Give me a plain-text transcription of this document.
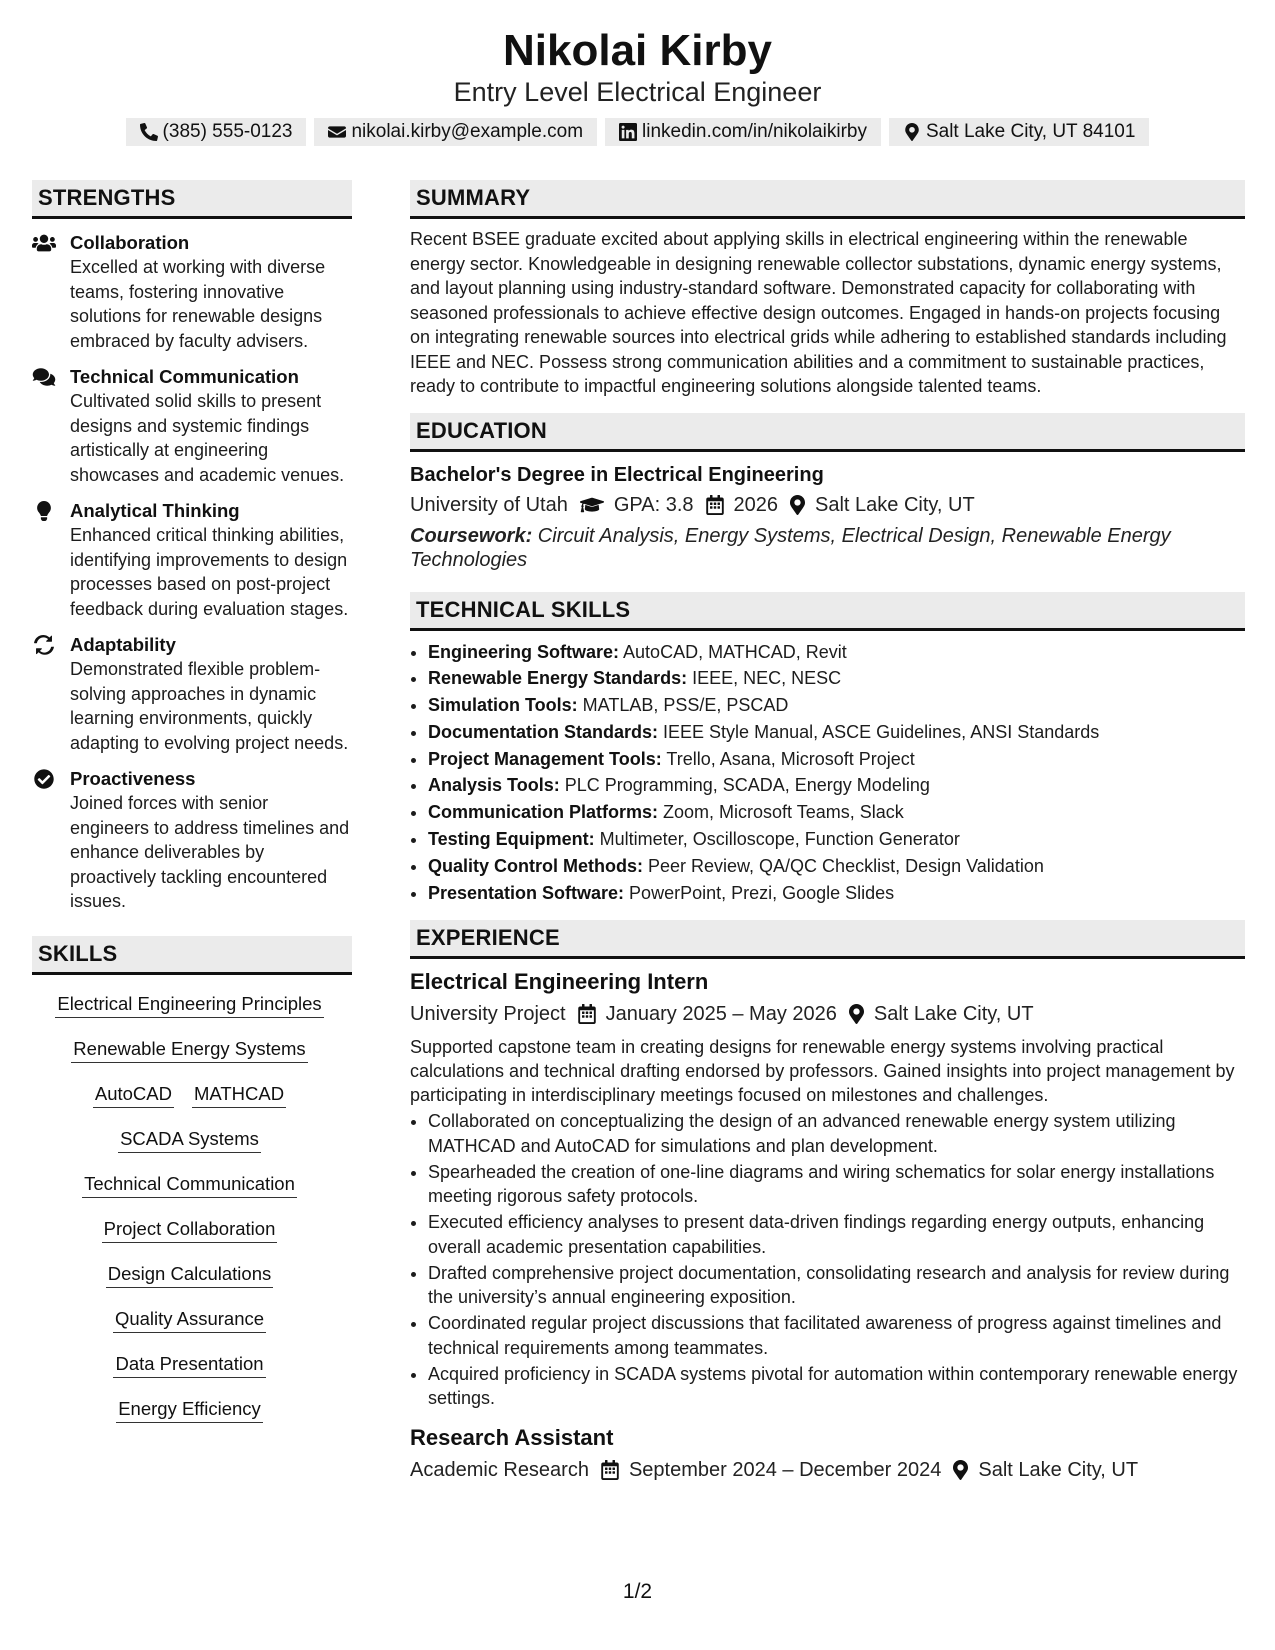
Nikolai Kirby
Entry Level Electrical Engineer
(385) 555-0123	nikolai.kirby@example.com	linkedin.com/in/nikolaikirby	Salt Lake City, UT 84101
STRENGTHS
Collaboration
Excelled at working with diverse teams, fostering innovative solutions for renewable designs embraced by faculty advisers.
Technical Communication
Cultivated solid skills to present designs and systemic findings artistically at engineering showcases and academic venues.
Analytical Thinking
Enhanced critical thinking abilities, identifying improvements to design processes based on post-project feedback during evaluation stages.
Adaptability
Demonstrated flexible problem-solving approaches in dynamic learning environments, quickly adapting to evolving project needs.
Proactiveness
Joined forces with senior engineers to address timelines and enhance deliverables by proactively tackling encountered issues.
SKILLS
Electrical Engineering Principles
Renewable Energy Systems
AutoCAD MATHCAD
SCADA Systems
Technical Communication
Project Collaboration
Design Calculations
Quality Assurance
Data Presentation
Energy Efficiency
SUMMARY
Recent BSEE graduate excited about applying skills in electrical engineering within the renewable energy sector. Knowledgeable in designing renewable collector substations, dynamic energy systems, and layout planning using industry-standard software. Demonstrated capacity for collaborating with seasoned professionals to achieve effective design outcomes. Engaged in hands-on projects focusing on integrating renewable sources into electrical grids while adhering to established standards including IEEE and NEC. Possess strong communication abilities and a commitment to sustainable practices, ready to contribute to impactful engineering solutions alongside talented teams.
EDUCATION
Bachelor's Degree in Electrical Engineering
University of Utah GPA: 3.8 2026 Salt Lake City, UT
Coursework: Circuit Analysis, Energy Systems, Electrical Design, Renewable Energy Technologies
TECHNICAL SKILLS
• Engineering Software: AutoCAD, MATHCAD, Revit
• Renewable Energy Standards: IEEE, NEC, NESC
• Simulation Tools: MATLAB, PSS/E, PSCAD
• Documentation Standards: IEEE Style Manual, ASCE Guidelines, ANSI Standards
• Project Management Tools: Trello, Asana, Microsoft Project
• Analysis Tools: PLC Programming, SCADA, Energy Modeling
• Communication Platforms: Zoom, Microsoft Teams, Slack
• Testing Equipment: Multimeter, Oscilloscope, Function Generator
• Quality Control Methods: Peer Review, QA/QC Checklist, Design Validation
• Presentation Software: PowerPoint, Prezi, Google Slides
EXPERIENCE
Electrical Engineering Intern
University Project January 2025 – May 2026 Salt Lake City, UT
Supported capstone team in creating designs for renewable energy systems involving practical calculations and technical drafting endorsed by professors. Gained insights into project management by participating in interdisciplinary meetings focused on milestones and challenges.
• Collaborated on conceptualizing the design of an advanced renewable energy system utilizing MATHCAD and AutoCAD for simulations and plan development.
• Spearheaded the creation of one-line diagrams and wiring schematics for solar energy installations meeting rigorous safety protocols.
• Executed efficiency analyses to present data-driven findings regarding energy outputs, enhancing overall academic presentation capabilities.
• Drafted comprehensive project documentation, consolidating research and analysis for review during the university’s annual engineering exposition.
• Coordinated regular project discussions that facilitated awareness of progress against timelines and technical requirements among teammates.
• Acquired proficiency in SCADA systems pivotal for automation within contemporary renewable energy settings.
Research Assistant
Academic Research September 2024 – December 2024 Salt Lake City, UT
1/2
